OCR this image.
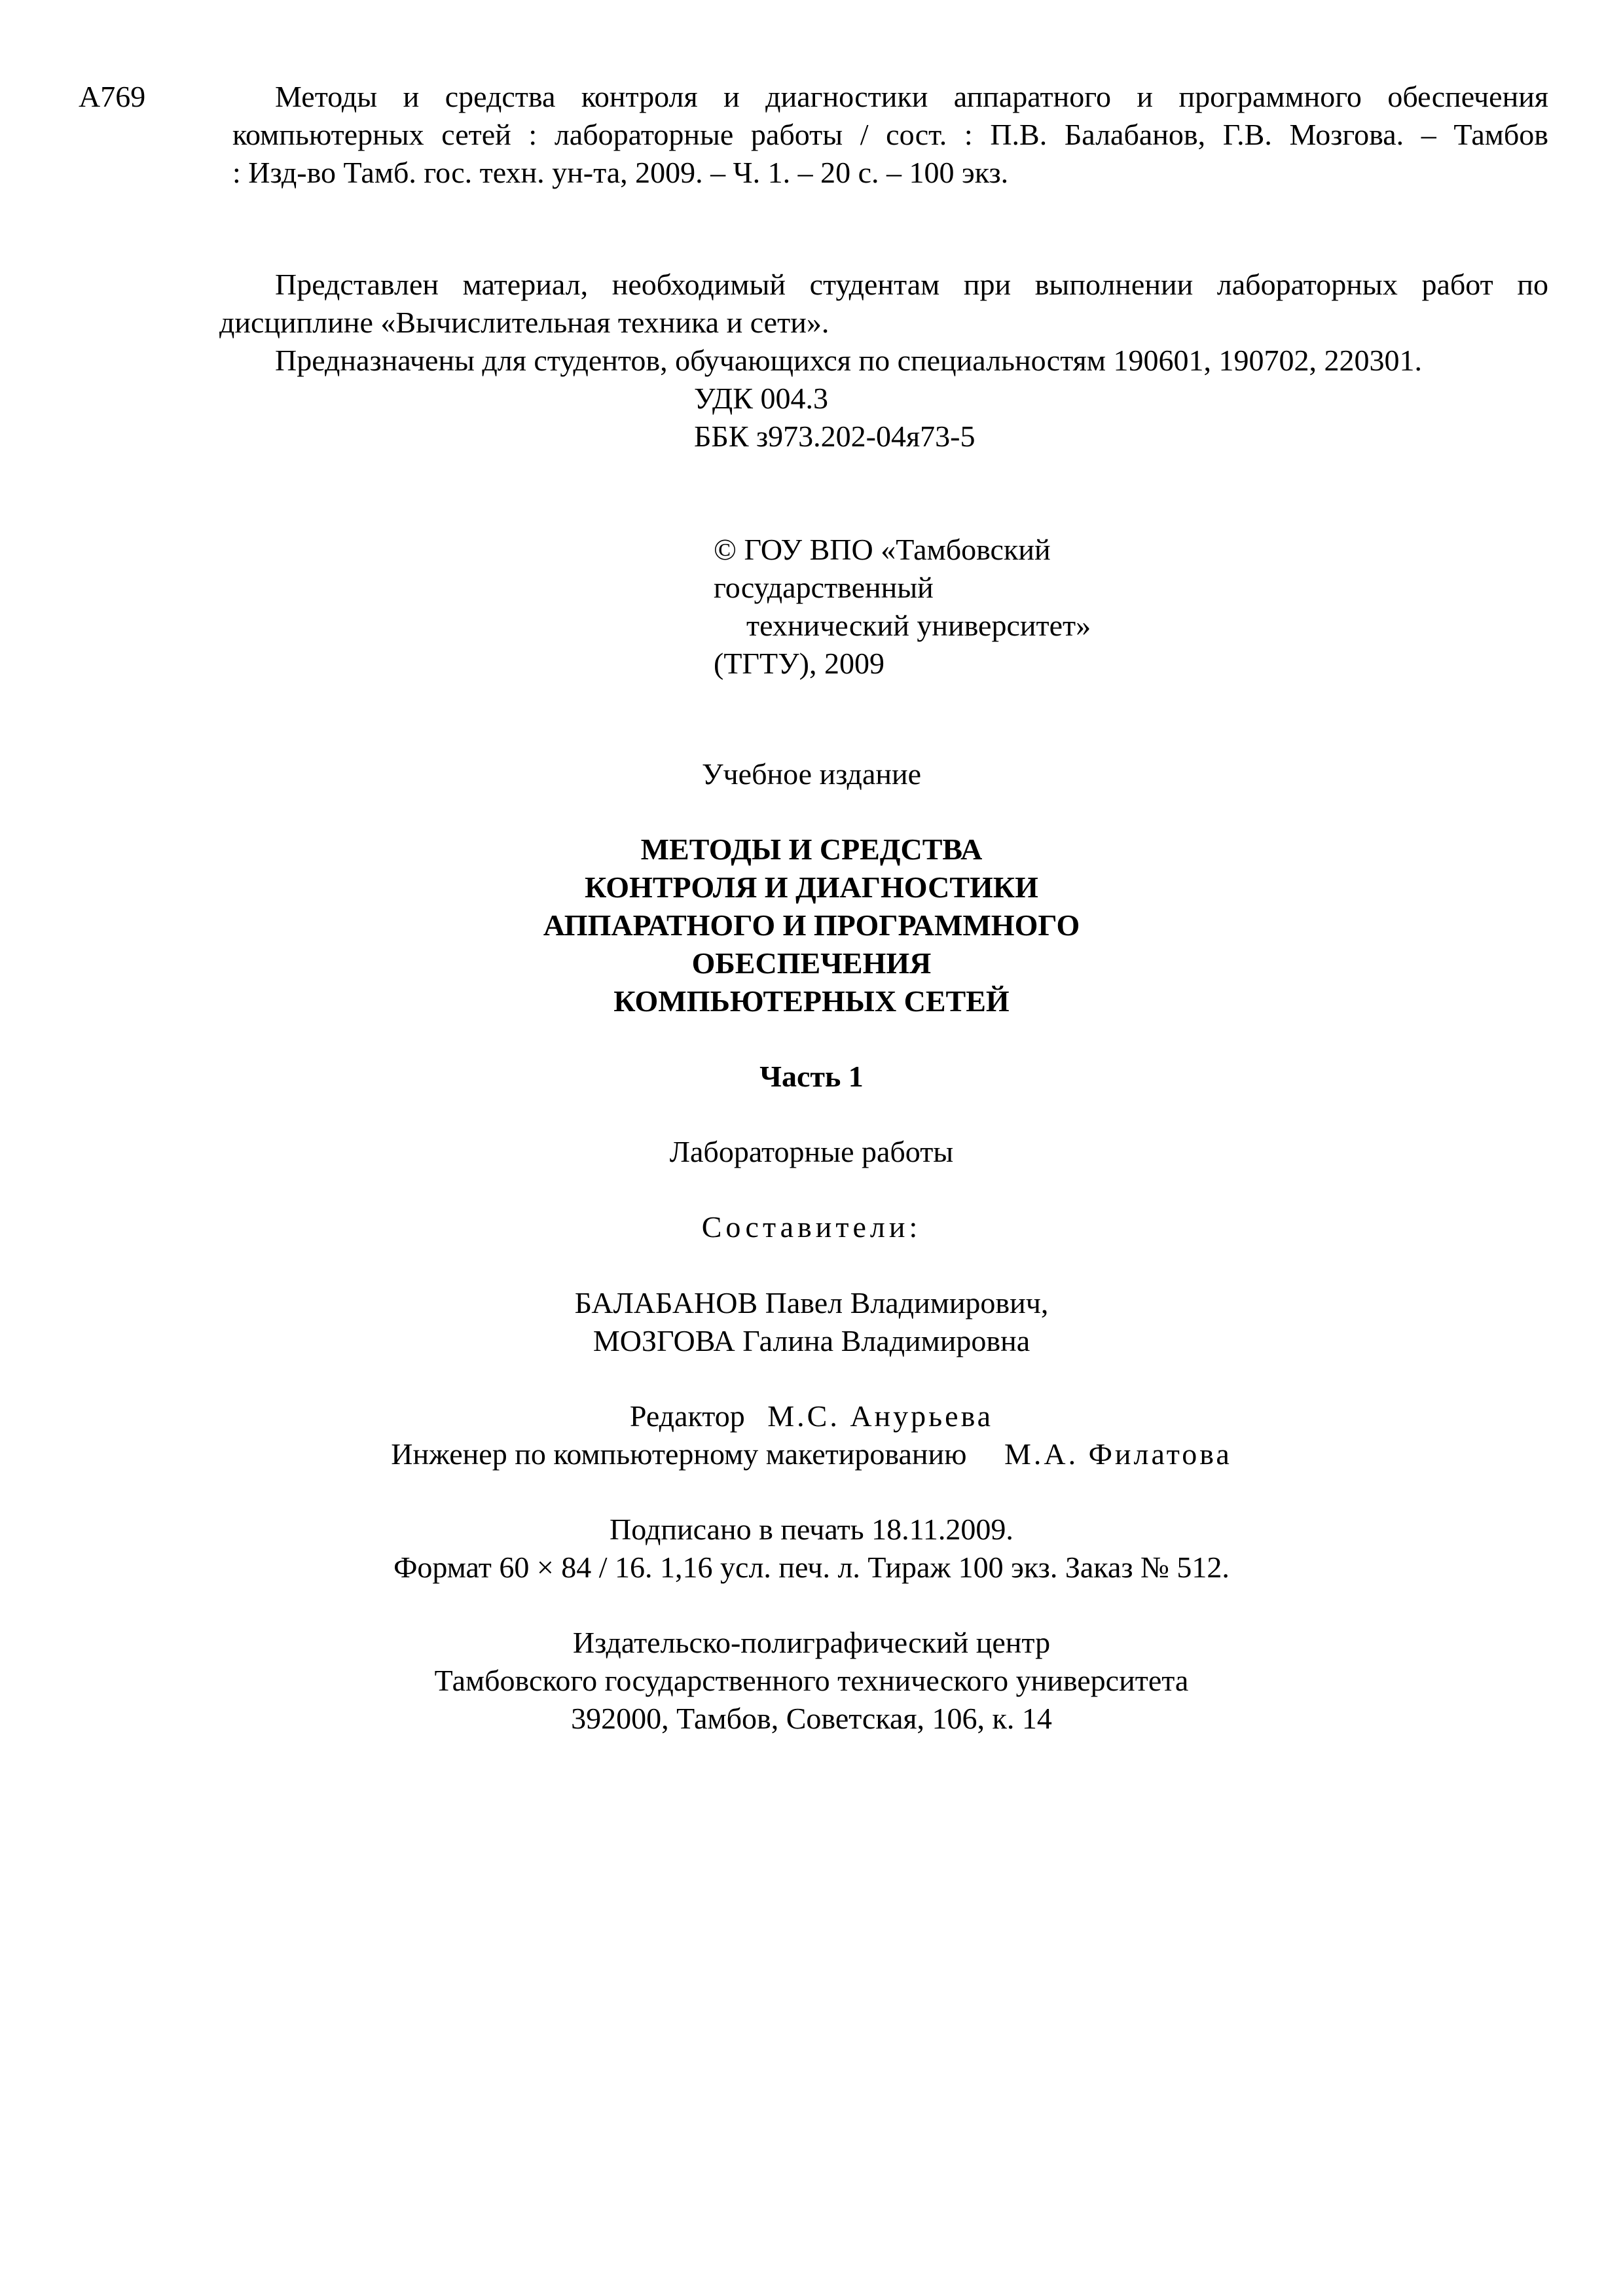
А769	Методы и средства контроля и диагностики аппаратного и программного обеспечения
компьютерных сетей : лабораторные работы / сост. : П.В. Балабанов, Г.В. Мозгова. – Тамбов
: Изд-во Тамб. гос. техн. ун-та, 2009. – Ч. 1. – 20 с. – 100 экз.
Представлен материал, необходимый студентам при выполнении лабораторных работ по
дисциплине «Вычислительная техника и сети».
Предназначены для студентов, обучающихся по специальностям 190601, 190702, 220301.
УДК 004.3
ББК з973.202-04я73-5
© ГОУ ВПО «Тамбовский
государственный
технический университет»
(ТГТУ), 2009
Учебное издание
МЕТОДЫ И СРЕДСТВА
КОНТРОЛЯ И ДИАГНОСТИКИ
АППАРАТНОГО И ПРОГРАММНОГО
ОБЕСПЕЧЕНИЯ
КОМПЬЮТЕРНЫХ СЕТЕЙ
Часть 1
Лабораторные работы
Составители:
БАЛАБАНОВ Павел Владимирович,
МОЗГОВА Галина Владимировна
Редактор М.С. Анурьева
Инженер по компьютерному макетированию М.А. Филатова
Подписано в печать 18.11.2009.
Формат 60 × 84 / 16. 1,16 усл. печ. л. Тираж 100 экз. Заказ № 512.
Издательско-полиграфический центр
Тамбовского государственного технического университета
392000, Тамбов, Советская, 106, к. 14
